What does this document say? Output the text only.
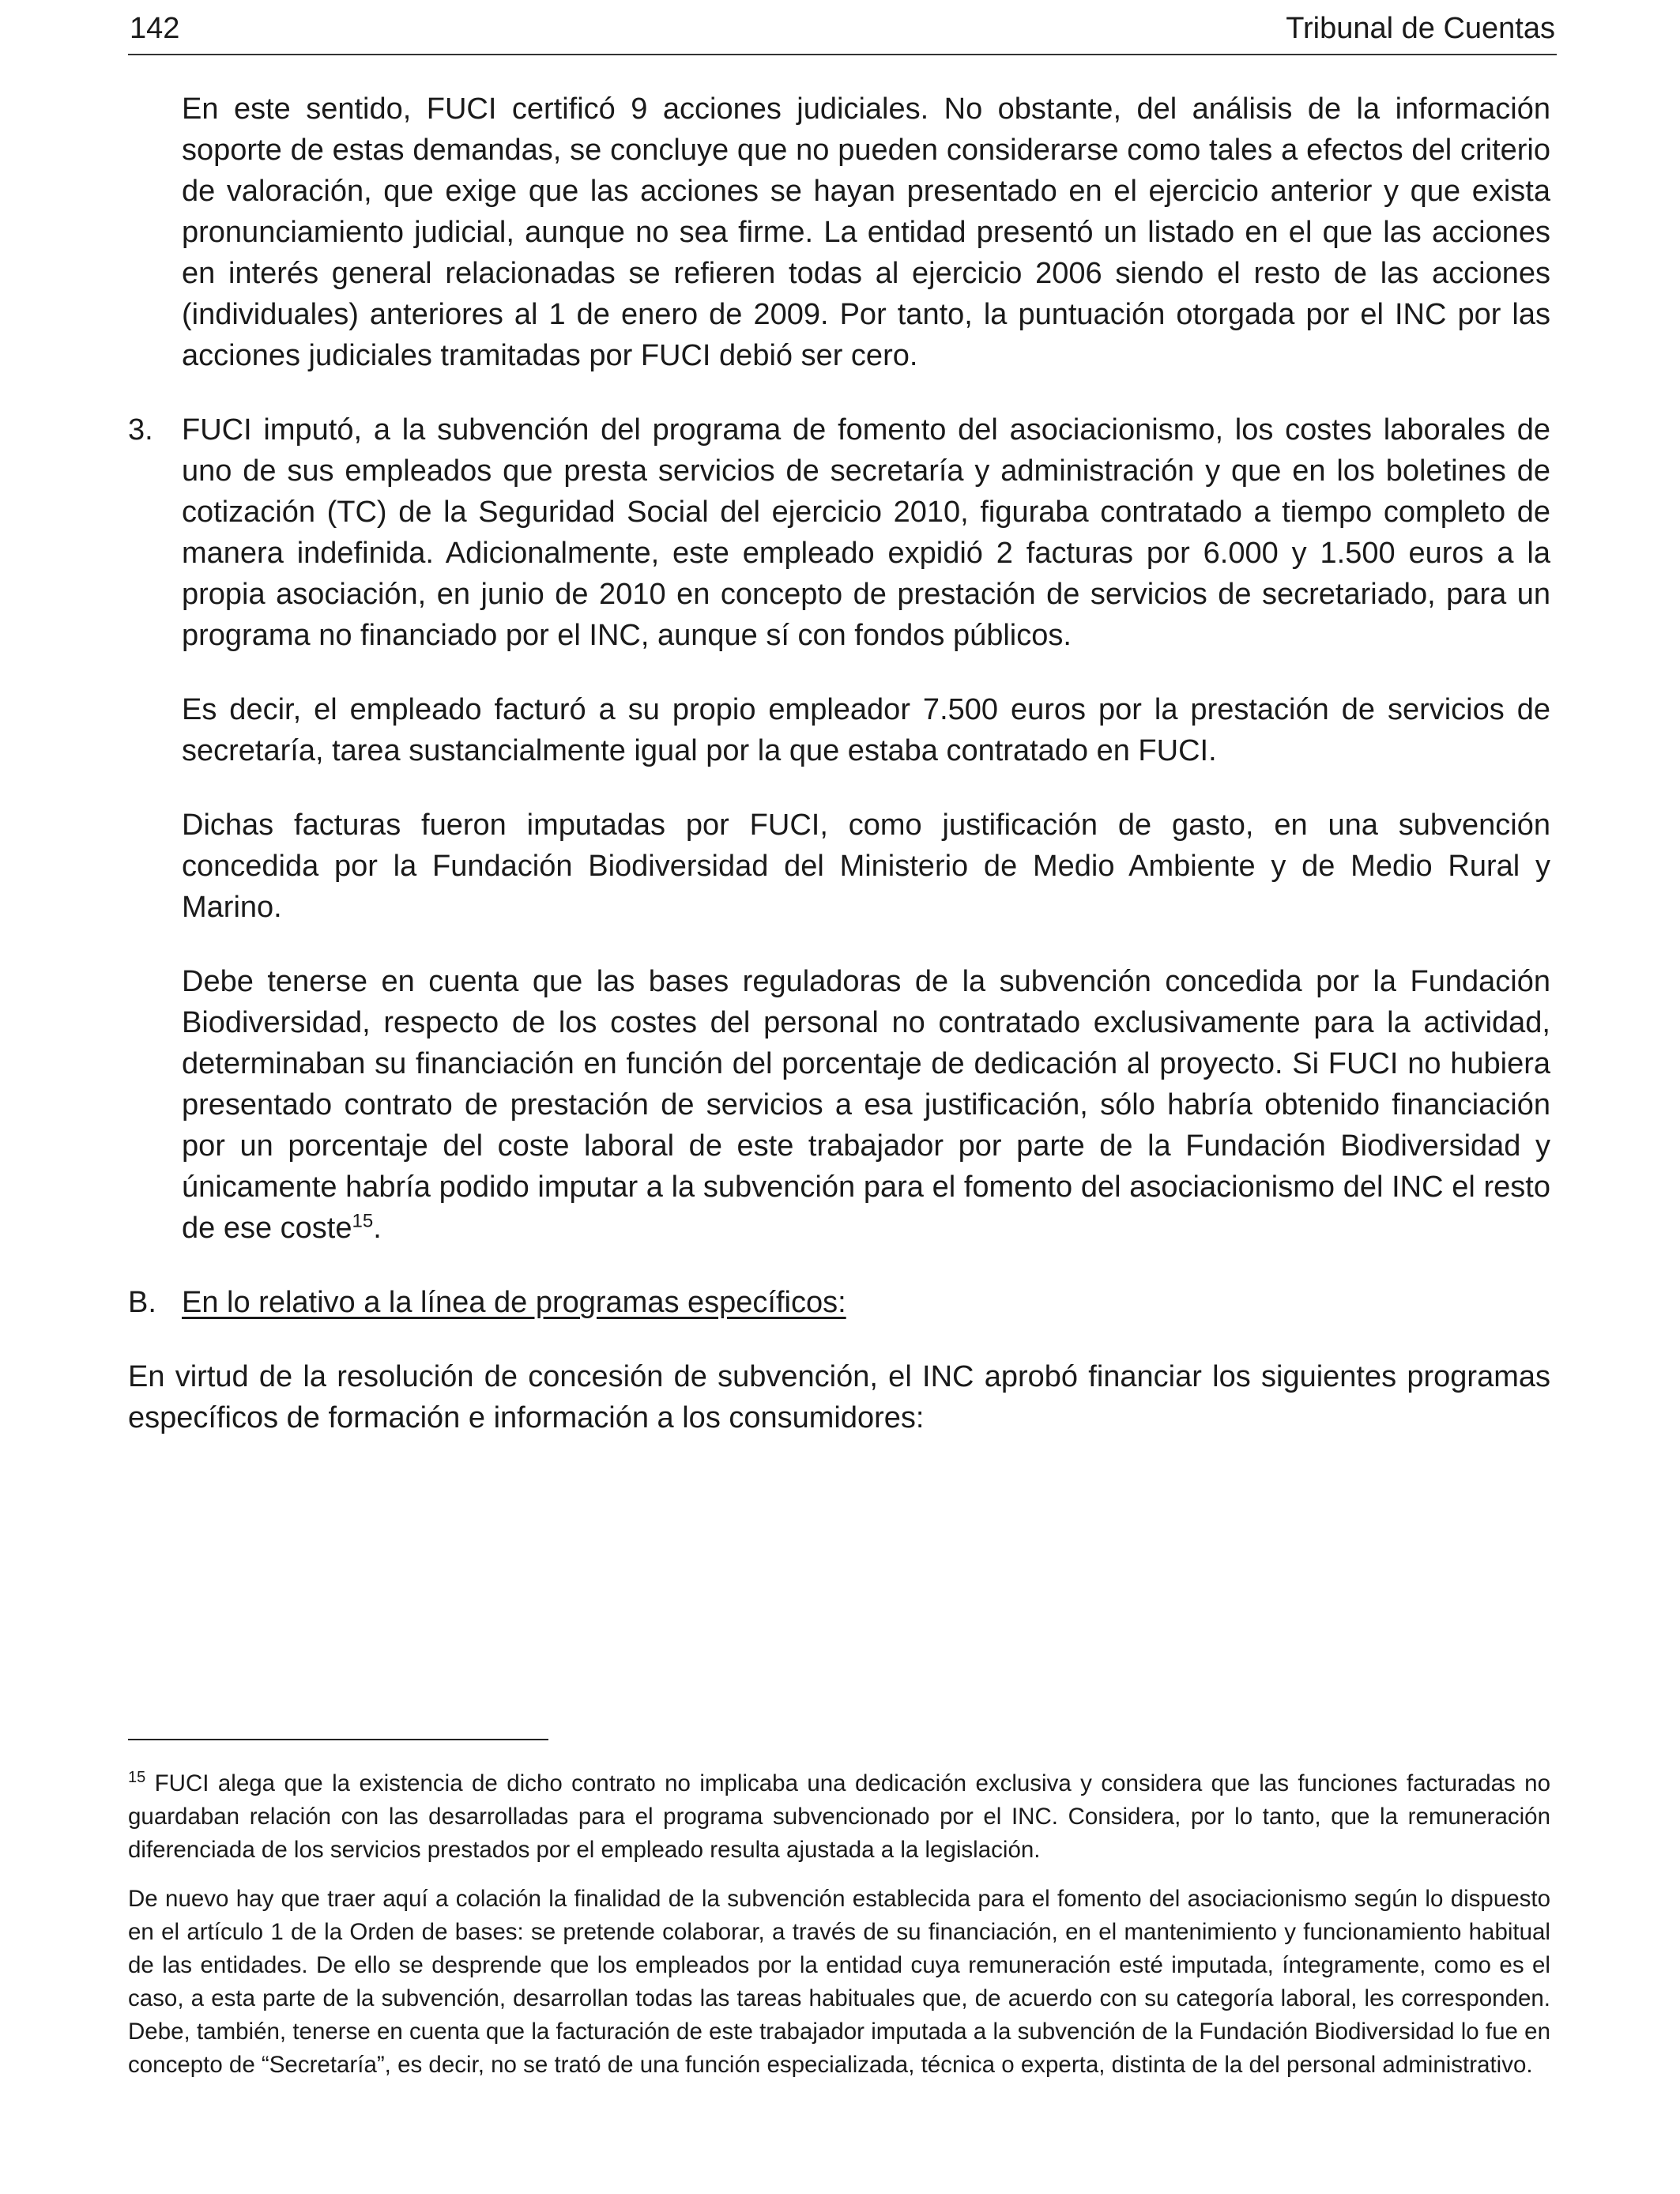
142	Tribunal de Cuentas

En este sentido, FUCI certificó 9 acciones judiciales. No obstante, del análisis de la información soporte de estas demandas, se concluye que no pueden considerarse como tales a efectos del criterio de valoración, que exige que las acciones se hayan presentado en el ejercicio anterior y que exista pronunciamiento judicial, aunque no sea firme. La entidad presentó un listado en el que las acciones en interés general relacionadas se refieren todas al ejercicio 2006 siendo el resto de las acciones (individuales) anteriores al 1 de enero de 2009. Por tanto, la puntuación otorgada por el INC por las acciones judiciales tramitadas por FUCI debió ser cero.

3. FUCI imputó, a la subvención del programa de fomento del asociacionismo, los costes laborales de uno de sus empleados que presta servicios de secretaría y administración y que en los boletines de cotización (TC) de la Seguridad Social del ejercicio 2010, figuraba contratado a tiempo completo de manera indefinida. Adicionalmente, este empleado expidió 2 facturas por 6.000 y 1.500 euros a la propia asociación, en junio de 2010 en concepto de prestación de servicios de secretariado, para un programa no financiado por el INC, aunque sí con fondos públicos.

Es decir, el empleado facturó a su propio empleador 7.500 euros por la prestación de servicios de secretaría, tarea sustancialmente igual por la que estaba contratado en FUCI.

Dichas facturas fueron imputadas por FUCI, como justificación de gasto, en una subvención concedida por la Fundación Biodiversidad del Ministerio de Medio Ambiente y de Medio Rural y Marino.

Debe tenerse en cuenta que las bases reguladoras de la subvención concedida por la Fundación Biodiversidad, respecto de los costes del personal no contratado exclusivamente para la actividad, determinaban su financiación en función del porcentaje de dedicación al proyecto. Si FUCI no hubiera presentado contrato de prestación de servicios a esa justificación, sólo habría obtenido financiación por un porcentaje del coste laboral de este trabajador por parte de la Fundación Biodiversidad y únicamente habría podido imputar a la subvención para el fomento del asociacionismo del INC el resto de ese coste$^{15}$.

B. En lo relativo a la línea de programas específicos:

En virtud de la resolución de concesión de subvención, el INC aprobó financiar los siguientes programas específicos de formación e información a los consumidores:

$^{15}$ FUCI alega que la existencia de dicho contrato no implicaba una dedicación exclusiva y considera que las funciones facturadas no guardaban relación con las desarrolladas para el programa subvencionado por el INC. Considera, por lo tanto, que la remuneración diferenciada de los servicios prestados por el empleado resulta ajustada a la legislación.

De nuevo hay que traer aquí a colación la finalidad de la subvención establecida para el fomento del asociacionismo según lo dispuesto en el artículo 1 de la Orden de bases: se pretende colaborar, a través de su financiación, en el mantenimiento y funcionamiento habitual de las entidades. De ello se desprende que los empleados por la entidad cuya remuneración esté imputada, íntegramente, como es el caso, a esta parte de la subvención, desarrollan todas las tareas habituales que, de acuerdo con su categoría laboral, les corresponden. Debe, también, tenerse en cuenta que la facturación de este trabajador imputada a la subvención de la Fundación Biodiversidad lo fue en concepto de “Secretaría”, es decir, no se trató de una función especializada, técnica o experta, distinta de la del personal administrativo.
